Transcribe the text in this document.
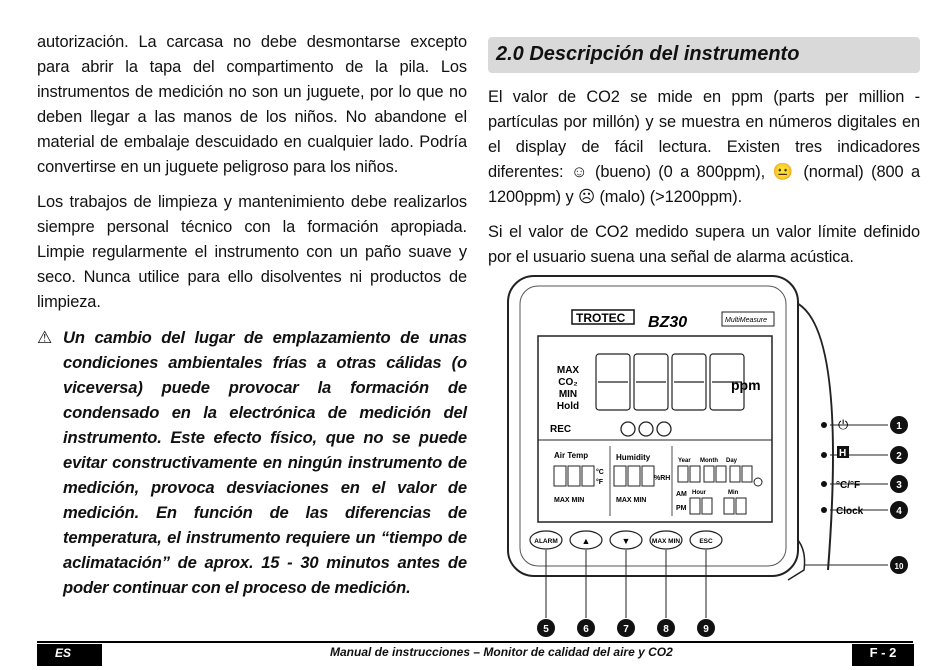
autorización. La carcasa no debe desmontarse excepto para abrir la tapa del compartimento de la pila. Los instrumentos de medición no son un juguete, por lo que no deben llegar a las manos de los niños. No abandone el material de embalaje descuidado en cualquier lado. Podría convertirse en un juguete peligroso para los niños.

Los trabajos de limpieza y mantenimiento debe realizarlos siempre personal técnico con la formación apropiada. Limpie regularmente el instrumento con un paño suave y seco. Nunca utilice para ello disolventes ni productos de limpieza.

⚠ Un cambio del lugar de emplazamiento de unas condiciones ambientales frías a otras cálidas (o viceversa) puede provocar la formación de condensado en la electrónica de medición del instrumento. Este efecto físico, que no se puede evitar constructivamente en ningún instrumento de medición, provoca desviaciones en el valor de medición. En función de las diferencias de temperatura, el instrumento requiere un “tiempo de aclimatación” de aprox. 15 - 30 minutos antes de poder continuar con el proceso de medición.
2.0 Descripción del instrumento

El valor de CO2 se mide en ppm (parts per million - partículas por millón) y se muestra en números digitales en el display de fácil lectura. Existen tres indicadores diferentes: ☺ (bueno) (0 a 800ppm), 😐 (normal) (800 a 1200ppm) y ☹ (malo) (>1200ppm).

Si el valor de CO2 medido supera un valor límite definido por el usuario suena una señal de alarma acústica.

TROTEC BZ30	MultiMeasure
MAX
CO₂
MIN
Hold
ppm
REC
Air Temp	Humidity
°C
°F
%RH
MAX MIN	MAX MIN
Year Month Day
Hour	Min
AM
PM
ALARM	▲	▼	MAX MIN	ESC
⏻
H
°C/°F
Clock
1
2
3
4
10
5	6	7	8	9
ES	Manual de instrucciones – Monitor de calidad del aire y CO2	F - 2
